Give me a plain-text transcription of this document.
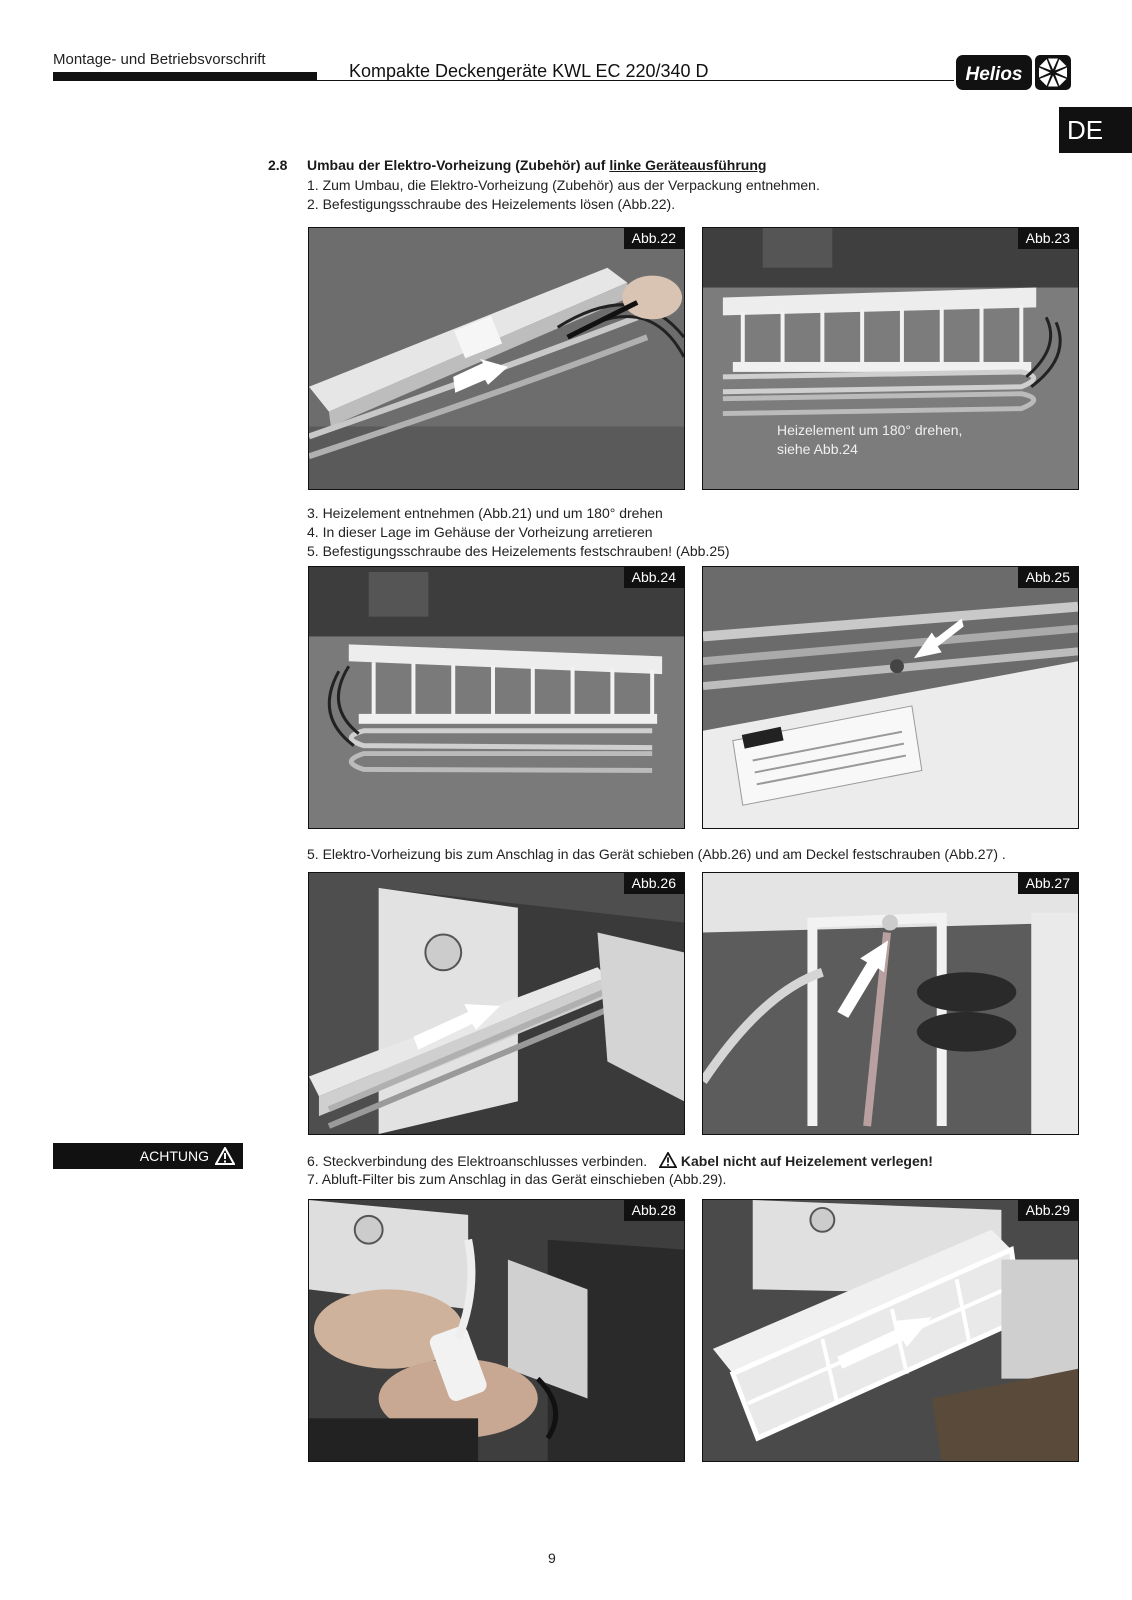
Montage- und Betriebsvorschrift
Kompakte Deckengeräte KWL EC 220/340 D	Helios
DE
2.8 Umbau der Elektro-Vorheizung (Zubehör) auf linke Geräteausführung
1. Zum Umbau, die Elektro-Vorheizung (Zubehör) aus der Verpackung entnehmen.
2. Befestigungsschraube des Heizelements lösen (Abb.22).
Abb.22	Abb.23
Heizelement um 180° drehen,
siehe Abb.24
3. Heizelement entnehmen (Abb.21) und um 180° drehen
4. In dieser Lage im Gehäuse der Vorheizung arretieren
5. Befestigungsschraube des Heizelements festschrauben! (Abb.25)
Abb.24	Abb.25
5. Elektro-Vorheizung bis zum Anschlag in das Gerät schieben (Abb.26) und am Deckel festschrauben (Abb.27) .
Abb.26	Abb.27
ACHTUNG	6. Steckverbindung des Elektroanschlusses verbinden. Kabel nicht auf Heizelement verlegen!
7. Abluft-Filter bis zum Anschlag in das Gerät einschieben (Abb.29).
Abb.28	Abb.29
9
